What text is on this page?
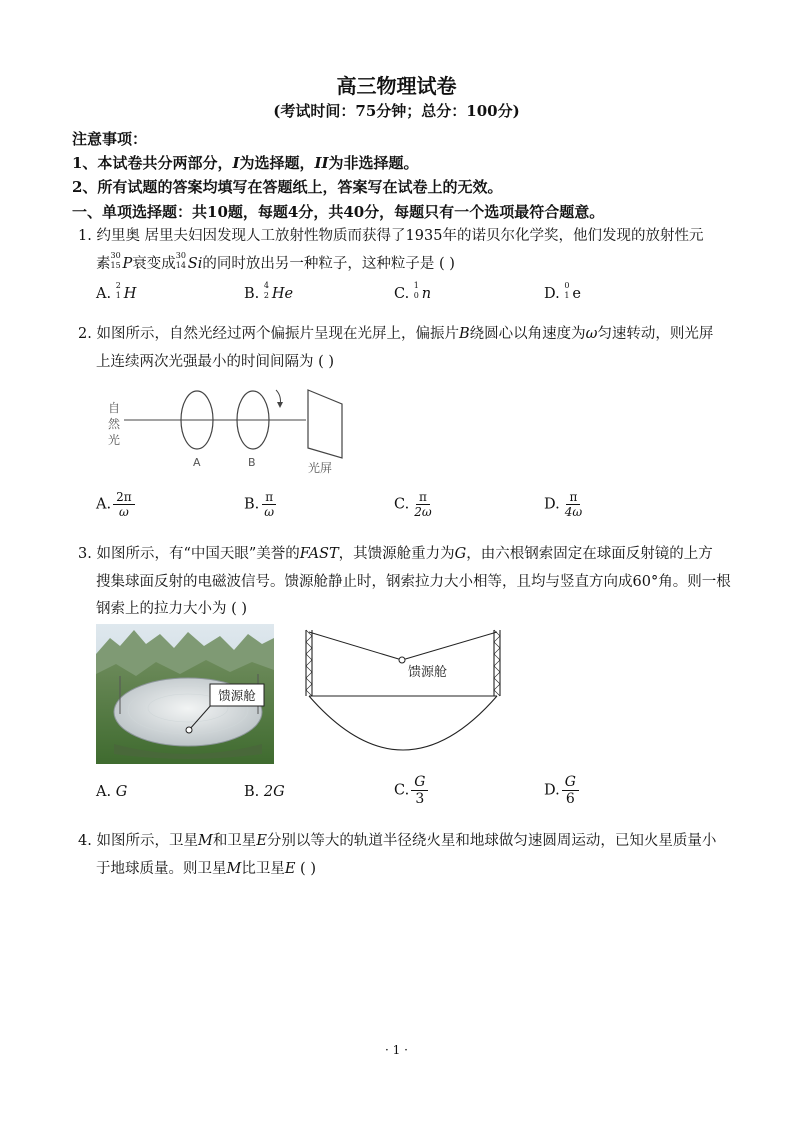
高三物理试卷
(考试时间：75分钟；总分：100分)
注意事项：
1、本试卷共分两部分，I为选择题，II为非选择题。
2、所有试题的答案均填写在答题纸上，答案写在试卷上的无效。
一、单项选择题：共10题，每题4分，共40分，每题只有一个选项最符合题意。
1. 约里奥 居里夫妇因发现人工放射性物质而获得了1935年的诺贝尔化学奖，他们发现的放射性元
素
30
15 P衰变成
30
14 Si的同时放出另一种粒子，这种粒子是 ( )
A.
2
1 H	B.
4
2 He	C.
1
0 n	D.
0
1 e
2. 如图所示，自然光经过两个偏振片呈现在光屏上，偏振片B绕圆心以角速度为ω匀速转动，则光屏
上连续两次光强最小的时间间隔为 ( )
自
然
光
A	B	光屏
A. $\frac{2\pi}{\omega}$	B. $\frac{\pi}{\omega}$	C. $\frac{\pi}{2\omega}$	D. $\frac{\pi}{4\omega}$
3. 如图所示，有“中国天眼”美誉的FAST，其馈源舱重力为G，由六根钢索固定在球面反射镜的上方
搜集球面反射的电磁波信号。馈源舱静止时，钢索拉力大小相等，且均与竖直方向成60°角。则一根
钢索上的拉力大小为 ( )
馈源舱
馈源舱
A. G	B. 2G	C. $\frac{G}{3}$	D. $\frac{G}{6}$
4. 如图所示，卫星M和卫星E分别以等大的轨道半径绕火星和地球做匀速圆周运动，已知火星质量小
于地球质量。则卫星M比卫星E ( )
· 1 ·
